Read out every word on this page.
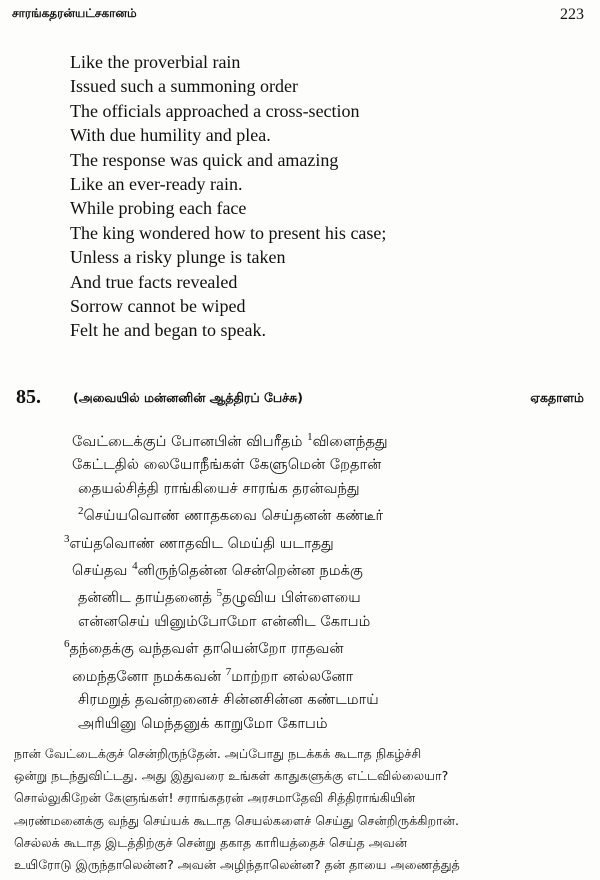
சாரங்கதரன்யட்சகானம்	223
Like the proverbial rain
Issued such a summoning order
The officials approached a cross-section
With due humility and plea.
The response was quick and amazing
Like an ever-ready rain.
While probing each face
The king wondered how to present his case;
Unless a risky plunge is taken
And true facts revealed
Sorrow cannot be wiped
Felt he and began to speak.
85.	(அவையில் மன்னனின் ஆத்திரப் பேச்சு)	ஏகதாளம்
வேட்டைக்குப் போனபின் விபரீதம் $^1$விளைந்தது
கேட்டதில் லையோநீங்கள் கேளுமென் றேதான்
தையல்சித்தி ராங்கியைச் சாரங்க தரன்வந்து
$^2$செய்யவொண் ணாதகவை செய்தனன் கண்டீர்
$^3$எய்தவொண் ணாதவிட மெய்தி யடாதது
செய்தவ $^4$னிருந்தென்ன சென்றென்ன நமக்கு
தன்னிட தாய்தனைத் $^5$தழுவிய பிள்ளையை
என்னசெய் யினும்போமோ என்னிட கோபம்
$^6$தந்தைக்கு வந்தவள் தாயென்றோ ராதவன்
மைந்தனோ நமக்கவன் $^7$மாற்றா னல்லனோ
சிரமறுத் தவன்றனைச் சின்னசின்ன கண்டமாய்
அரியினு மெந்தனுக் காறுமோ கோபம்
நான் வேட்டைக்குச் சென்றிருந்தேன். அப்போது நடக்கக் கூடாத நிகழ்ச்சி
ஒன்று நடந்துவிட்டது. அது இதுவரை உங்கள் காதுகளுக்கு எட்டவில்லையா?
சொல்லுகிறேன் கேளுங்கள்! சராங்கதரன் அரசமாதேவி சித்திராங்கியின்
அரண்மனைக்கு வந்து செய்யக் கூடாத செயல்களைச் செய்து சென்றிருக்கிறான்.
செல்லக் கூடாத இடத்திற்குச் சென்று தகாத காரியத்தைச் செய்த அவன்
உயிரோடு இருந்தாலென்ன? அவன் அழிந்தாலென்ன? தன் தாயை அணைத்துத்
